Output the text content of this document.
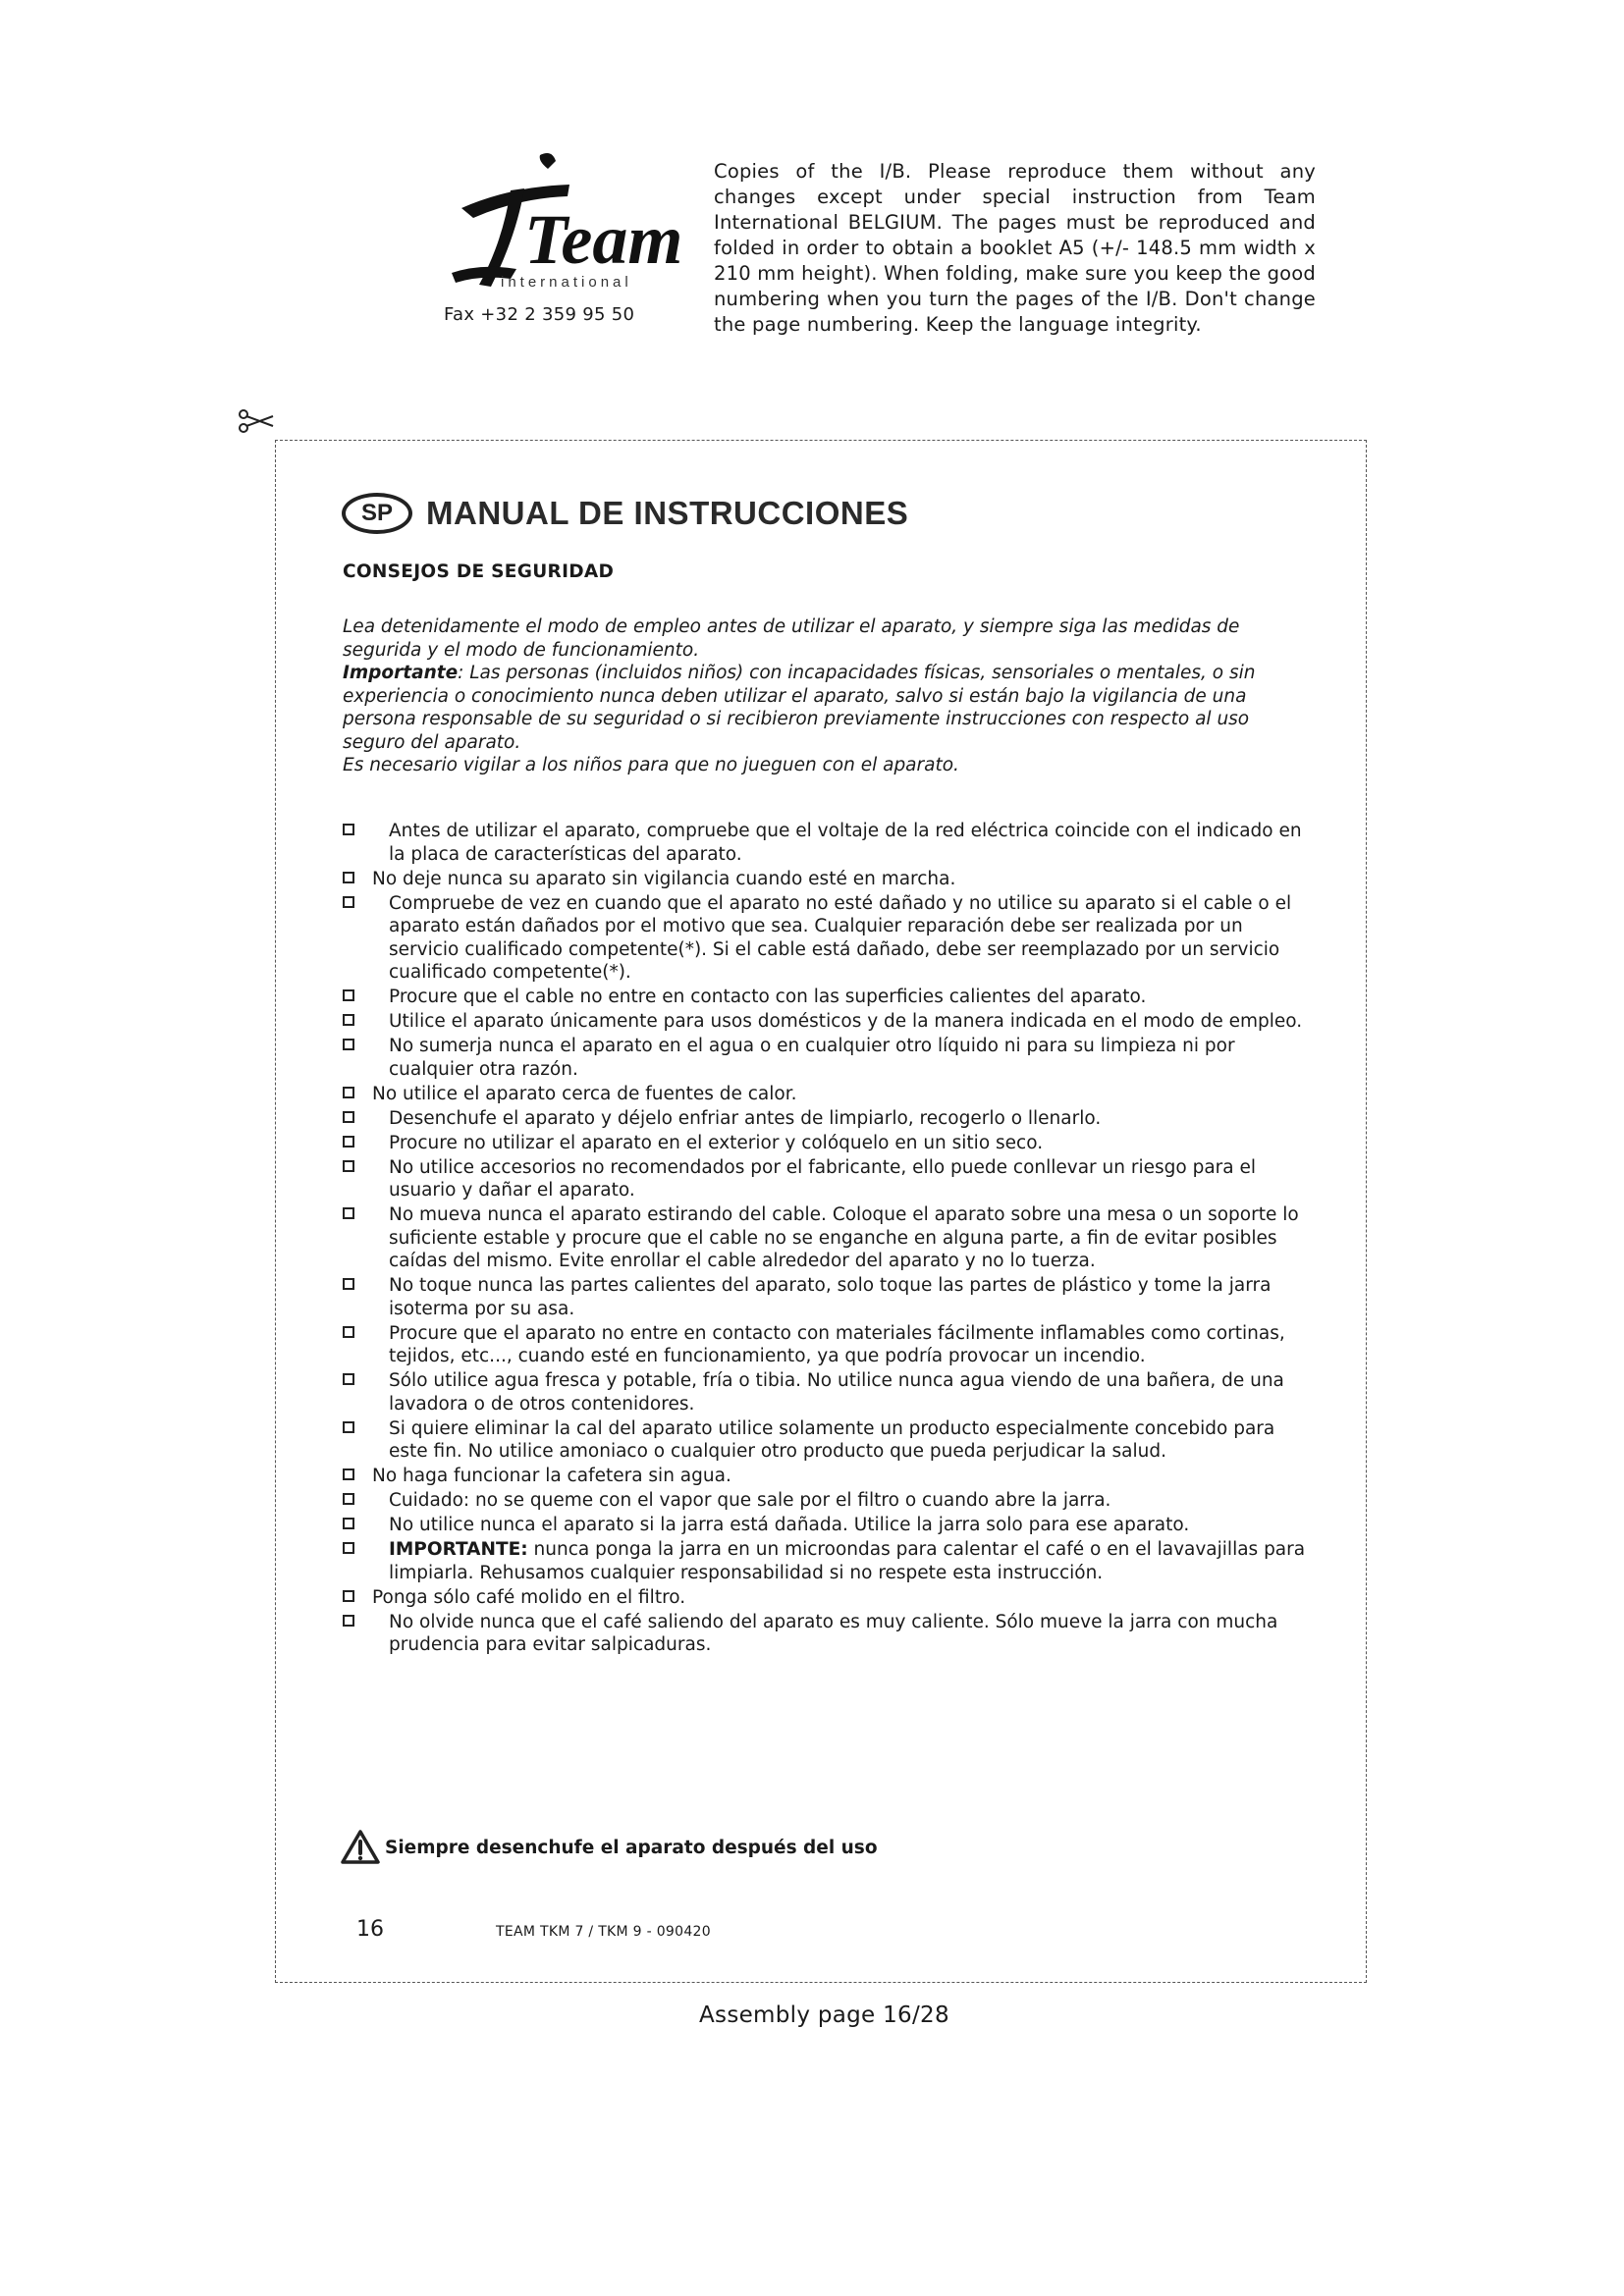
Team
international
Fax +32 2 359 95 50
Copies of the I/B. Please reproduce them without any changes except under special instruction from Team International BELGIUM. The pages must be reproduced and folded in order to obtain a booklet A5 (+/- 148.5 mm width x 210 mm height). When folding, make sure you keep the good numbering when you turn the pages of the I/B. Don't change the page numbering. Keep the language integrity.
SP	MANUAL DE INSTRUCCIONES
CONSEJOS DE SEGURIDAD

Lea detenidamente el modo de empleo antes de utilizar el aparato, y siempre siga las medidas de segurida y el modo de funcionamiento.

Importante: Las personas (incluidos niños) con incapacidades físicas, sensoriales o mentales, o sin experiencia o conocimiento nunca deben utilizar el aparato, salvo si están bajo la vigilancia de una persona responsable de su seguridad o si recibieron previamente instrucciones con respecto al uso seguro del aparato.

Es necesario vigilar a los niños para que no jueguen con el aparato.

Antes de utilizar el aparato, compruebe que el voltaje de la red eléctrica coincide con el indicado en la placa de características del aparato.
No deje nunca su aparato sin vigilancia cuando esté en marcha.
Compruebe de vez en cuando que el aparato no esté dañado y no utilice su aparato si el cable o el aparato están dañados por el motivo que sea. Cualquier reparación debe ser realizada por un servicio cualificado competente(*). Si el cable está dañado, debe ser reemplazado por un servicio cualificado competente(*).
Procure que el cable no entre en contacto con las superficies calientes del aparato.
Utilice el aparato únicamente para usos domésticos y de la manera indicada en el modo de empleo.
No sumerja nunca el aparato en el agua o en cualquier otro líquido ni para su limpieza ni por cualquier otra razón.
No utilice el aparato cerca de fuentes de calor.
Desenchufe el aparato y déjelo enfriar antes de limpiarlo, recogerlo o llenarlo.
Procure no utilizar el aparato en el exterior y colóquelo en un sitio seco.
No utilice accesorios no recomendados por el fabricante, ello puede conllevar un riesgo para el usuario y dañar el aparato.
No mueva nunca el aparato estirando del cable. Coloque el aparato sobre una mesa o un soporte lo suficiente estable y procure que el cable no se enganche en alguna parte, a fin de evitar posibles caídas del mismo. Evite enrollar el cable alrededor del aparato y no lo tuerza.
No toque nunca las partes calientes del aparato, solo toque las partes de plástico y tome la jarra isoterma por su asa.
Procure que el aparato no entre en contacto con materiales fácilmente inflamables como cortinas, tejidos, etc..., cuando esté en funcionamiento, ya que podría provocar un incendio.
Sólo utilice agua fresca y potable, fría o tibia. No utilice nunca agua viendo de una bañera, de una lavadora o de otros contenidores.
Si quiere eliminar la cal del aparato utilice solamente un producto especialmente concebido para este fin. No utilice amoniaco o cualquier otro producto que pueda perjudicar la salud.
No haga funcionar la cafetera sin agua.
Cuidado: no se queme con el vapor que sale por el filtro o cuando abre la jarra.
No utilice nunca el aparato si la jarra está dañada. Utilice la jarra solo para ese aparato.
IMPORTANTE: nunca ponga la jarra en un microondas para calentar el café o en el lavavajillas para limpiarla. Rehusamos cualquier responsabilidad si no respete esta instrucción.
Ponga sólo café molido en el filtro.
No olvide nunca que el café saliendo del aparato es muy caliente. Sólo mueve la jarra con mucha prudencia para evitar salpicaduras.
Siempre desenchufe el aparato después del uso
16	TEAM TKM 7 / TKM 9 - 090420
Assembly page 16/28
